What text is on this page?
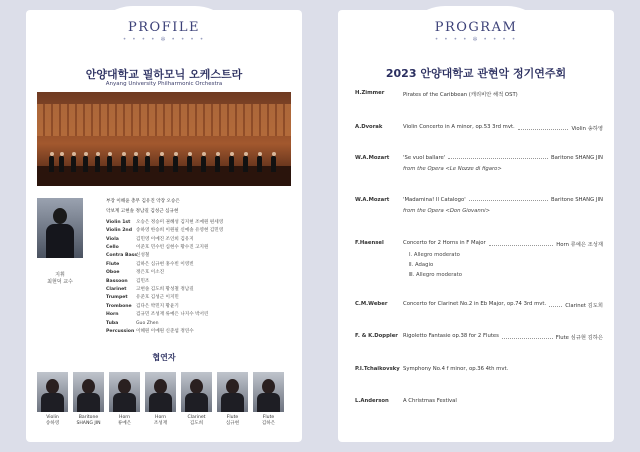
PROFILE
• • • • ✻ • • • •
안양대학교 필하모닉 오케스트라
Anyang University Philharmonic Orchestra
지휘
최현덕 교수
부장 이해윤 총무 김유진 악장 오승은
악보계 고현솔 정남길 김성근 심규현
Violin 1st	오승은 정승미 권혜성 김지현 조예원 편세영
Violin 2nd 송하영 한승희 이원필 신예솔 유영현 김민영
Viola	김민영 이예진 조인희 김유지
Cello	이준호 민수빈 심현수 황수진 고지원
Contra Bass
신성철
Flute	김하은 심규현 홍수빈 이영빈
Oboe	정은호 이소진
Bassoon	김민조
Clarinet	고현솔 김도희 황성철 정남길
Trumpet	유준호 김성근 이지민
Trombone 김다은 박민지 황윤기
Horn	검규민 조성재 류예은 나지수 박서린
Tuba	Guo Zhen
Percussion 이혜원 이예원 신준섭 정연수
협연자
Violin
송하영
Baritone
SHANG JIN
Horn
류예은
Horn
조성재
Clarinet
김도희
Flute
심규현
Flute
김하은
PROGRAM
• • • • ✻ • • • •
2023 안양대학교 관현악 정기연주회
H.Zimmer	Pirates of the Caribbean (캐리비안 해적 OST)
A.Dvorak	Violin Concerto in A minor, op.53 3rd mvt.	Violin 송하영
W.A.Mozart	'Se vuol ballare'	Baritone SHANG JIN
from the Opera <Le Nozze di figaro>
W.A.Mozart	'Madamina! Il Catalogo'	Baritone SHANG JIN
from the Opera <Don Giovanni>
F.Haensel	Concerto for 2 Horns in F Major	Horn 류예은 조성재
Ⅰ. Allegro moderato
Ⅱ. Adagio
Ⅲ. Allegro moderato
C.M.Weber	Concerto for Clarinet No.2 in Eb Major, op.74 3rd mvt.	Clarinet 김도희
F. & K.Doppler Rigoletto Fantasie op.38 for 2 Flutes	Flute 심규현 김하은
P.I.Tchaikovsky Symphony No.4 f minor, op.36 4th mvt.
L.Anderson	A Christmas Festival
